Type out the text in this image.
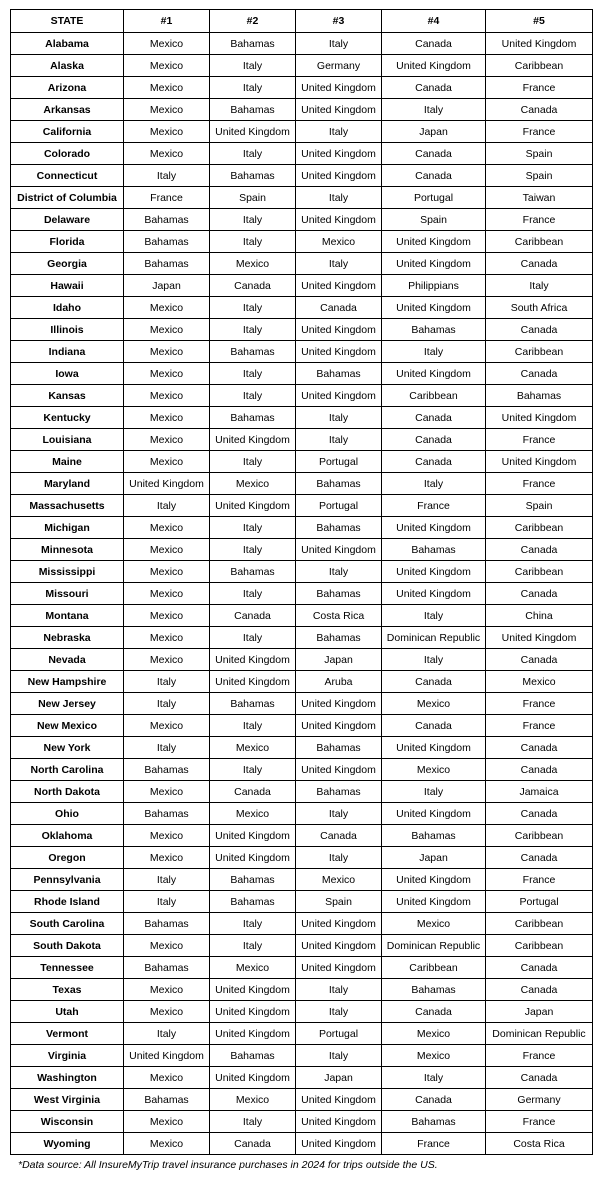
STATE	#1	#2	#3	#4	#5
Alabama	Mexico	Bahamas	Italy	Canada	United Kingdom
Alaska	Mexico	Italy	Germany	United Kingdom	Caribbean
Arizona	Mexico	Italy	United Kingdom	Canada	France
Arkansas	Mexico	Bahamas	United Kingdom	Italy	Canada
California	Mexico	United Kingdom	Italy	Japan	France
Colorado	Mexico	Italy	United Kingdom	Canada	Spain
Connecticut	Italy	Bahamas	United Kingdom	Canada	Spain
District of Columbia	France	Spain	Italy	Portugal	Taiwan
Delaware	Bahamas	Italy	United Kingdom	Spain	France
Florida	Bahamas	Italy	Mexico	United Kingdom	Caribbean
Georgia	Bahamas	Mexico	Italy	United Kingdom	Canada
Hawaii	Japan	Canada	United Kingdom	Philippians	Italy
Idaho	Mexico	Italy	Canada	United Kingdom	South Africa
Illinois	Mexico	Italy	United Kingdom	Bahamas	Canada
Indiana	Mexico	Bahamas	United Kingdom	Italy	Caribbean
Iowa	Mexico	Italy	Bahamas	United Kingdom	Canada
Kansas	Mexico	Italy	United Kingdom	Caribbean	Bahamas
Kentucky	Mexico	Bahamas	Italy	Canada	United Kingdom
Louisiana	Mexico	United Kingdom	Italy	Canada	France
Maine	Mexico	Italy	Portugal	Canada	United Kingdom
Maryland	United Kingdom	Mexico	Bahamas	Italy	France
Massachusetts	Italy	United Kingdom	Portugal	France	Spain
Michigan	Mexico	Italy	Bahamas	United Kingdom	Caribbean
Minnesota	Mexico	Italy	United Kingdom	Bahamas	Canada
Mississippi	Mexico	Bahamas	Italy	United Kingdom	Caribbean
Missouri	Mexico	Italy	Bahamas	United Kingdom	Canada
Montana	Mexico	Canada	Costa Rica	Italy	China
Nebraska	Mexico	Italy	Bahamas	Dominican Republic	United Kingdom
Nevada	Mexico	United Kingdom	Japan	Italy	Canada
New Hampshire	Italy	United Kingdom	Aruba	Canada	Mexico
New Jersey	Italy	Bahamas	United Kingdom	Mexico	France
New Mexico	Mexico	Italy	United Kingdom	Canada	France
New York	Italy	Mexico	Bahamas	United Kingdom	Canada
North Carolina	Bahamas	Italy	United Kingdom	Mexico	Canada
North Dakota	Mexico	Canada	Bahamas	Italy	Jamaica
Ohio	Bahamas	Mexico	Italy	United Kingdom	Canada
Oklahoma	Mexico	United Kingdom	Canada	Bahamas	Caribbean
Oregon	Mexico	United Kingdom	Italy	Japan	Canada
Pennsylvania	Italy	Bahamas	Mexico	United Kingdom	France
Rhode Island	Italy	Bahamas	Spain	United Kingdom	Portugal
South Carolina	Bahamas	Italy	United Kingdom	Mexico	Caribbean
South Dakota	Mexico	Italy	United Kingdom	Dominican Republic	Caribbean
Tennessee	Bahamas	Mexico	United Kingdom	Caribbean	Canada
Texas	Mexico	United Kingdom	Italy	Bahamas	Canada
Utah	Mexico	United Kingdom	Italy	Canada	Japan
Vermont	Italy	United Kingdom	Portugal	Mexico	Dominican Republic
Virginia	United Kingdom	Bahamas	Italy	Mexico	France
Washington	Mexico	United Kingdom	Japan	Italy	Canada
West Virginia	Bahamas	Mexico	United Kingdom	Canada	Germany
Wisconsin	Mexico	Italy	United Kingdom	Bahamas	France
Wyoming	Mexico	Canada	United Kingdom	France	Costa Rica
*Data source: All InsureMyTrip travel insurance purchases in 2024 for trips outside the US.
